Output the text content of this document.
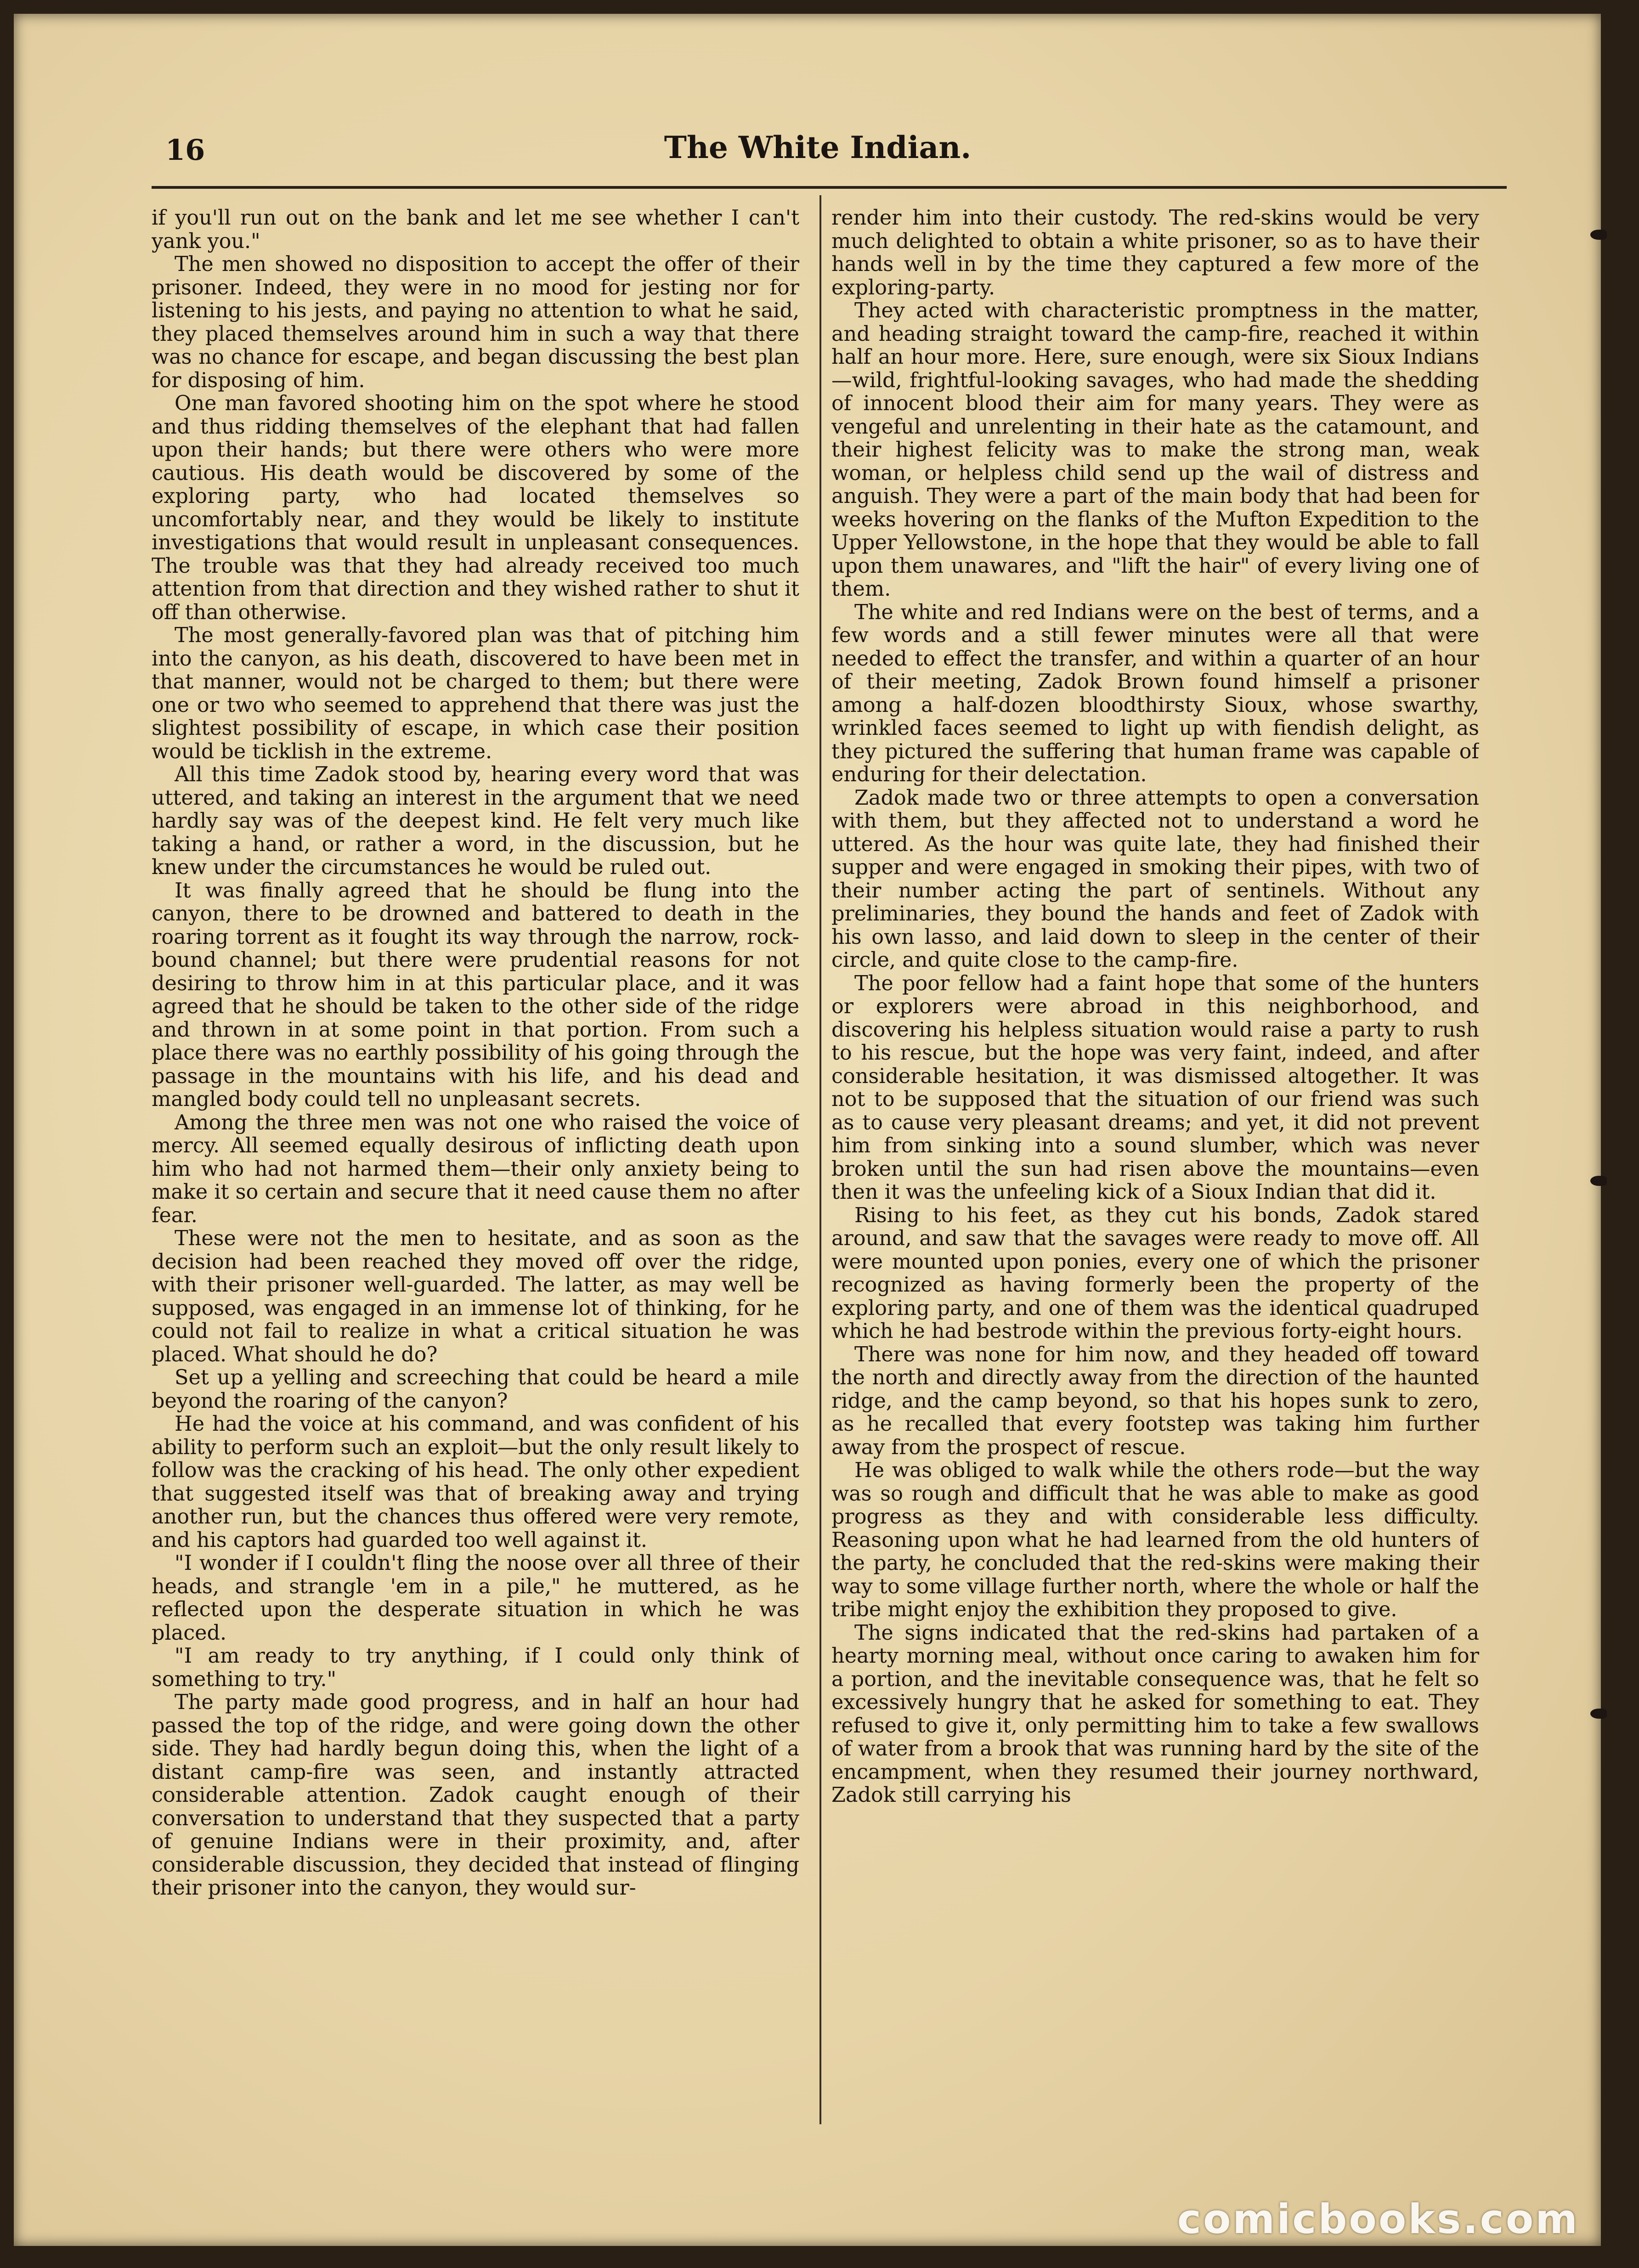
16	The White Indian.

if you'll run out on the bank and let me see whether I can't yank you."

The men showed no disposition to accept the offer of their prisoner. Indeed, they were in no mood for jesting nor for listening to his jests, and paying no attention to what he said, they placed themselves around him in such a way that there was no chance for escape, and began discussing the best plan for disposing of him.

One man favored shooting him on the spot where he stood and thus ridding themselves of the elephant that had fallen upon their hands; but there were others who were more cautious. His death would be discovered by some of the exploring party, who had located themselves so uncomfortably near, and they would be likely to institute investigations that would result in unpleasant consequences. The trouble was that they had already received too much attention from that direction and they wished rather to shut it off than otherwise.

The most generally-favored plan was that of pitching him into the canyon, as his death, discovered to have been met in that manner, would not be charged to them; but there were one or two who seemed to apprehend that there was just the slightest possibility of escape, in which case their position would be ticklish in the extreme.

All this time Zadok stood by, hearing every word that was uttered, and taking an interest in the argument that we need hardly say was of the deepest kind. He felt very much like taking a hand, or rather a word, in the discussion, but he knew under the circumstances he would be ruled out.

It was finally agreed that he should be flung into the canyon, there to be drowned and battered to death in the roaring torrent as it fought its way through the narrow, rock-bound channel; but there were prudential reasons for not desiring to throw him in at this particular place, and it was agreed that he should be taken to the other side of the ridge and thrown in at some point in that portion. From such a place there was no earthly possibility of his going through the passage in the mountains with his life, and his dead and mangled body could tell no unpleasant secrets.

Among the three men was not one who raised the voice of mercy. All seemed equally desirous of inflicting death upon him who had not harmed them—their only anxiety being to make it so certain and secure that it need cause them no after fear.

These were not the men to hesitate, and as soon as the decision had been reached they moved off over the ridge, with their prisoner well-guarded. The latter, as may well be supposed, was engaged in an immense lot of thinking, for he could not fail to realize in what a critical situation he was placed. What should he do?

Set up a yelling and screeching that could be heard a mile beyond the roaring of the canyon?

He had the voice at his command, and was confident of his ability to perform such an exploit—but the only result likely to follow was the cracking of his head. The only other expedient that suggested itself was that of breaking away and trying another run, but the chances thus offered were very remote, and his captors had guarded too well against it.

"I wonder if I couldn't fling the noose over all three of their heads, and strangle 'em in a pile," he muttered, as he reflected upon the desperate situation in which he was placed.

"I am ready to try anything, if I could only think of something to try."

The party made good progress, and in half an hour had passed the top of the ridge, and were going down the other side. They had hardly begun doing this, when the light of a distant camp-fire was seen, and instantly attracted considerable attention. Zadok caught enough of their conversation to understand that they suspected that a party of genuine Indians were in their proximity, and, after considerable discussion, they decided that instead of flinging their prisoner into the canyon, they would sur-

render him into their custody. The red-skins would be very much delighted to obtain a white prisoner, so as to have their hands well in by the time they captured a few more of the exploring-party.

They acted with characteristic promptness in the matter, and heading straight toward the camp-fire, reached it within half an hour more. Here, sure enough, were six Sioux Indians—wild, frightful-looking savages, who had made the shedding of innocent blood their aim for many years. They were as vengeful and unrelenting in their hate as the catamount, and their highest felicity was to make the strong man, weak woman, or helpless child send up the wail of distress and anguish. They were a part of the main body that had been for weeks hovering on the flanks of the Mufton Expedition to the Upper Yellowstone, in the hope that they would be able to fall upon them unawares, and "lift the hair" of every living one of them.

The white and red Indians were on the best of terms, and a few words and a still fewer minutes were all that were needed to effect the transfer, and within a quarter of an hour of their meeting, Zadok Brown found himself a prisoner among a half-dozen bloodthirsty Sioux, whose swarthy, wrinkled faces seemed to light up with fiendish delight, as they pictured the suffering that human frame was capable of enduring for their delectation.

Zadok made two or three attempts to open a conversation with them, but they affected not to understand a word he uttered. As the hour was quite late, they had finished their supper and were engaged in smoking their pipes, with two of their number acting the part of sentinels. Without any preliminaries, they bound the hands and feet of Zadok with his own lasso, and laid down to sleep in the center of their circle, and quite close to the camp-fire.

The poor fellow had a faint hope that some of the hunters or explorers were abroad in this neighborhood, and discovering his helpless situation would raise a party to rush to his rescue, but the hope was very faint, indeed, and after considerable hesitation, it was dismissed altogether. It was not to be supposed that the situation of our friend was such as to cause very pleasant dreams; and yet, it did not prevent him from sinking into a sound slumber, which was never broken until the sun had risen above the mountains—even then it was the unfeeling kick of a Sioux Indian that did it.

Rising to his feet, as they cut his bonds, Zadok stared around, and saw that the savages were ready to move off. All were mounted upon ponies, every one of which the prisoner recognized as having formerly been the property of the exploring party, and one of them was the identical quadruped which he had bestrode within the previous forty-eight hours.

There was none for him now, and they headed off toward the north and directly away from the direction of the haunted ridge, and the camp beyond, so that his hopes sunk to zero, as he recalled that every footstep was taking him further away from the prospect of rescue.

He was obliged to walk while the others rode—but the way was so rough and difficult that he was able to make as good progress as they and with considerable less difficulty. Reasoning upon what he had learned from the old hunters of the party, he concluded that the red-skins were making their way to some village further north, where the whole or half the tribe might enjoy the exhibition they proposed to give.

The signs indicated that the red-skins had partaken of a hearty morning meal, without once caring to awaken him for a portion, and the inevitable consequence was, that he felt so excessively hungry that he asked for something to eat. They refused to give it, only permitting him to take a few swallows of water from a brook that was running hard by the site of the encampment, when they resumed their journey northward, Zadok still carrying his

comicbooks.com
